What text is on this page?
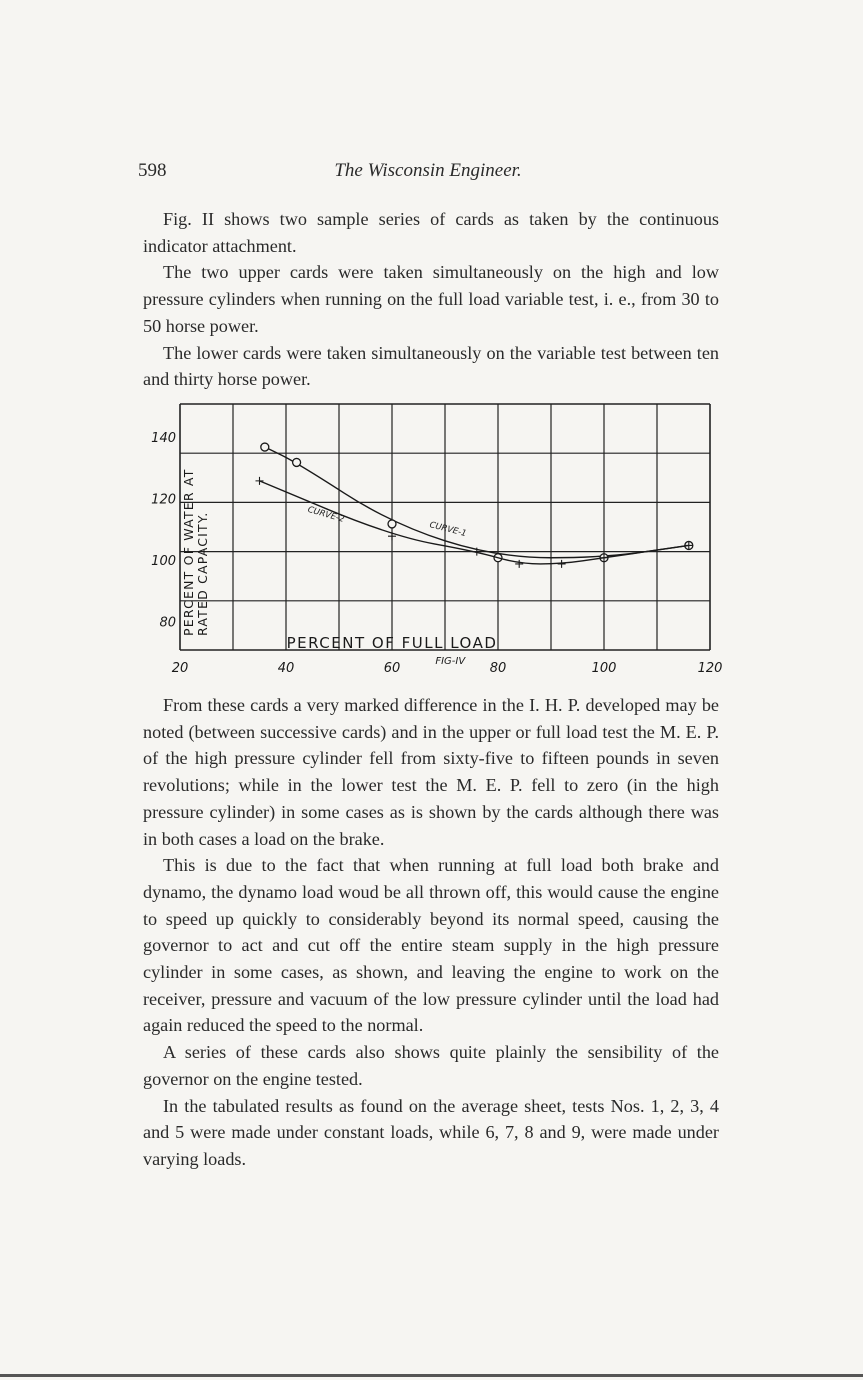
598	The Wisconsin Engineer.

Fig. II shows two sample series of cards as taken by the continuous indicator attachment.

The two upper cards were taken simultaneously on the high and low pressure cylinders when running on the full load variable test, i. e., from 30 to 50 horse power.

The lower cards were taken simultaneously on the variable test between ten and thirty horse power.

140
120
100
80
20	40	60	80	100	120
PERCENT OF WATER AT RATED CAPACITY.
PERCENT OF FULL LOAD
FIG-IV
CURVE-1
CURVE-2

From these cards a very marked difference in the I. H. P. developed may be noted (between successive cards) and in the upper or full load test the M. E. P. of the high pressure cylinder fell from sixty-five to fifteen pounds in seven revolutions; while in the lower test the M. E. P. fell to zero (in the high pressure cylinder) in some cases as is shown by the cards although there was in both cases a load on the brake.

This is due to the fact that when running at full load both brake and dynamo, the dynamo load woud be all thrown off, this would cause the engine to speed up quickly to considerably beyond its normal speed, causing the governor to act and cut off the entire steam supply in the high pressure cylinder in some cases, as shown, and leaving the engine to work on the receiver, pressure and vacuum of the low pressure cylinder until the load had again reduced the speed to the normal.

A series of these cards also shows quite plainly the sensibility of the governor on the engine tested.

In the tabulated results as found on the average sheet, tests Nos. 1, 2, 3, 4 and 5 were made under constant loads, while 6, 7, 8 and 9, were made under varying loads.
